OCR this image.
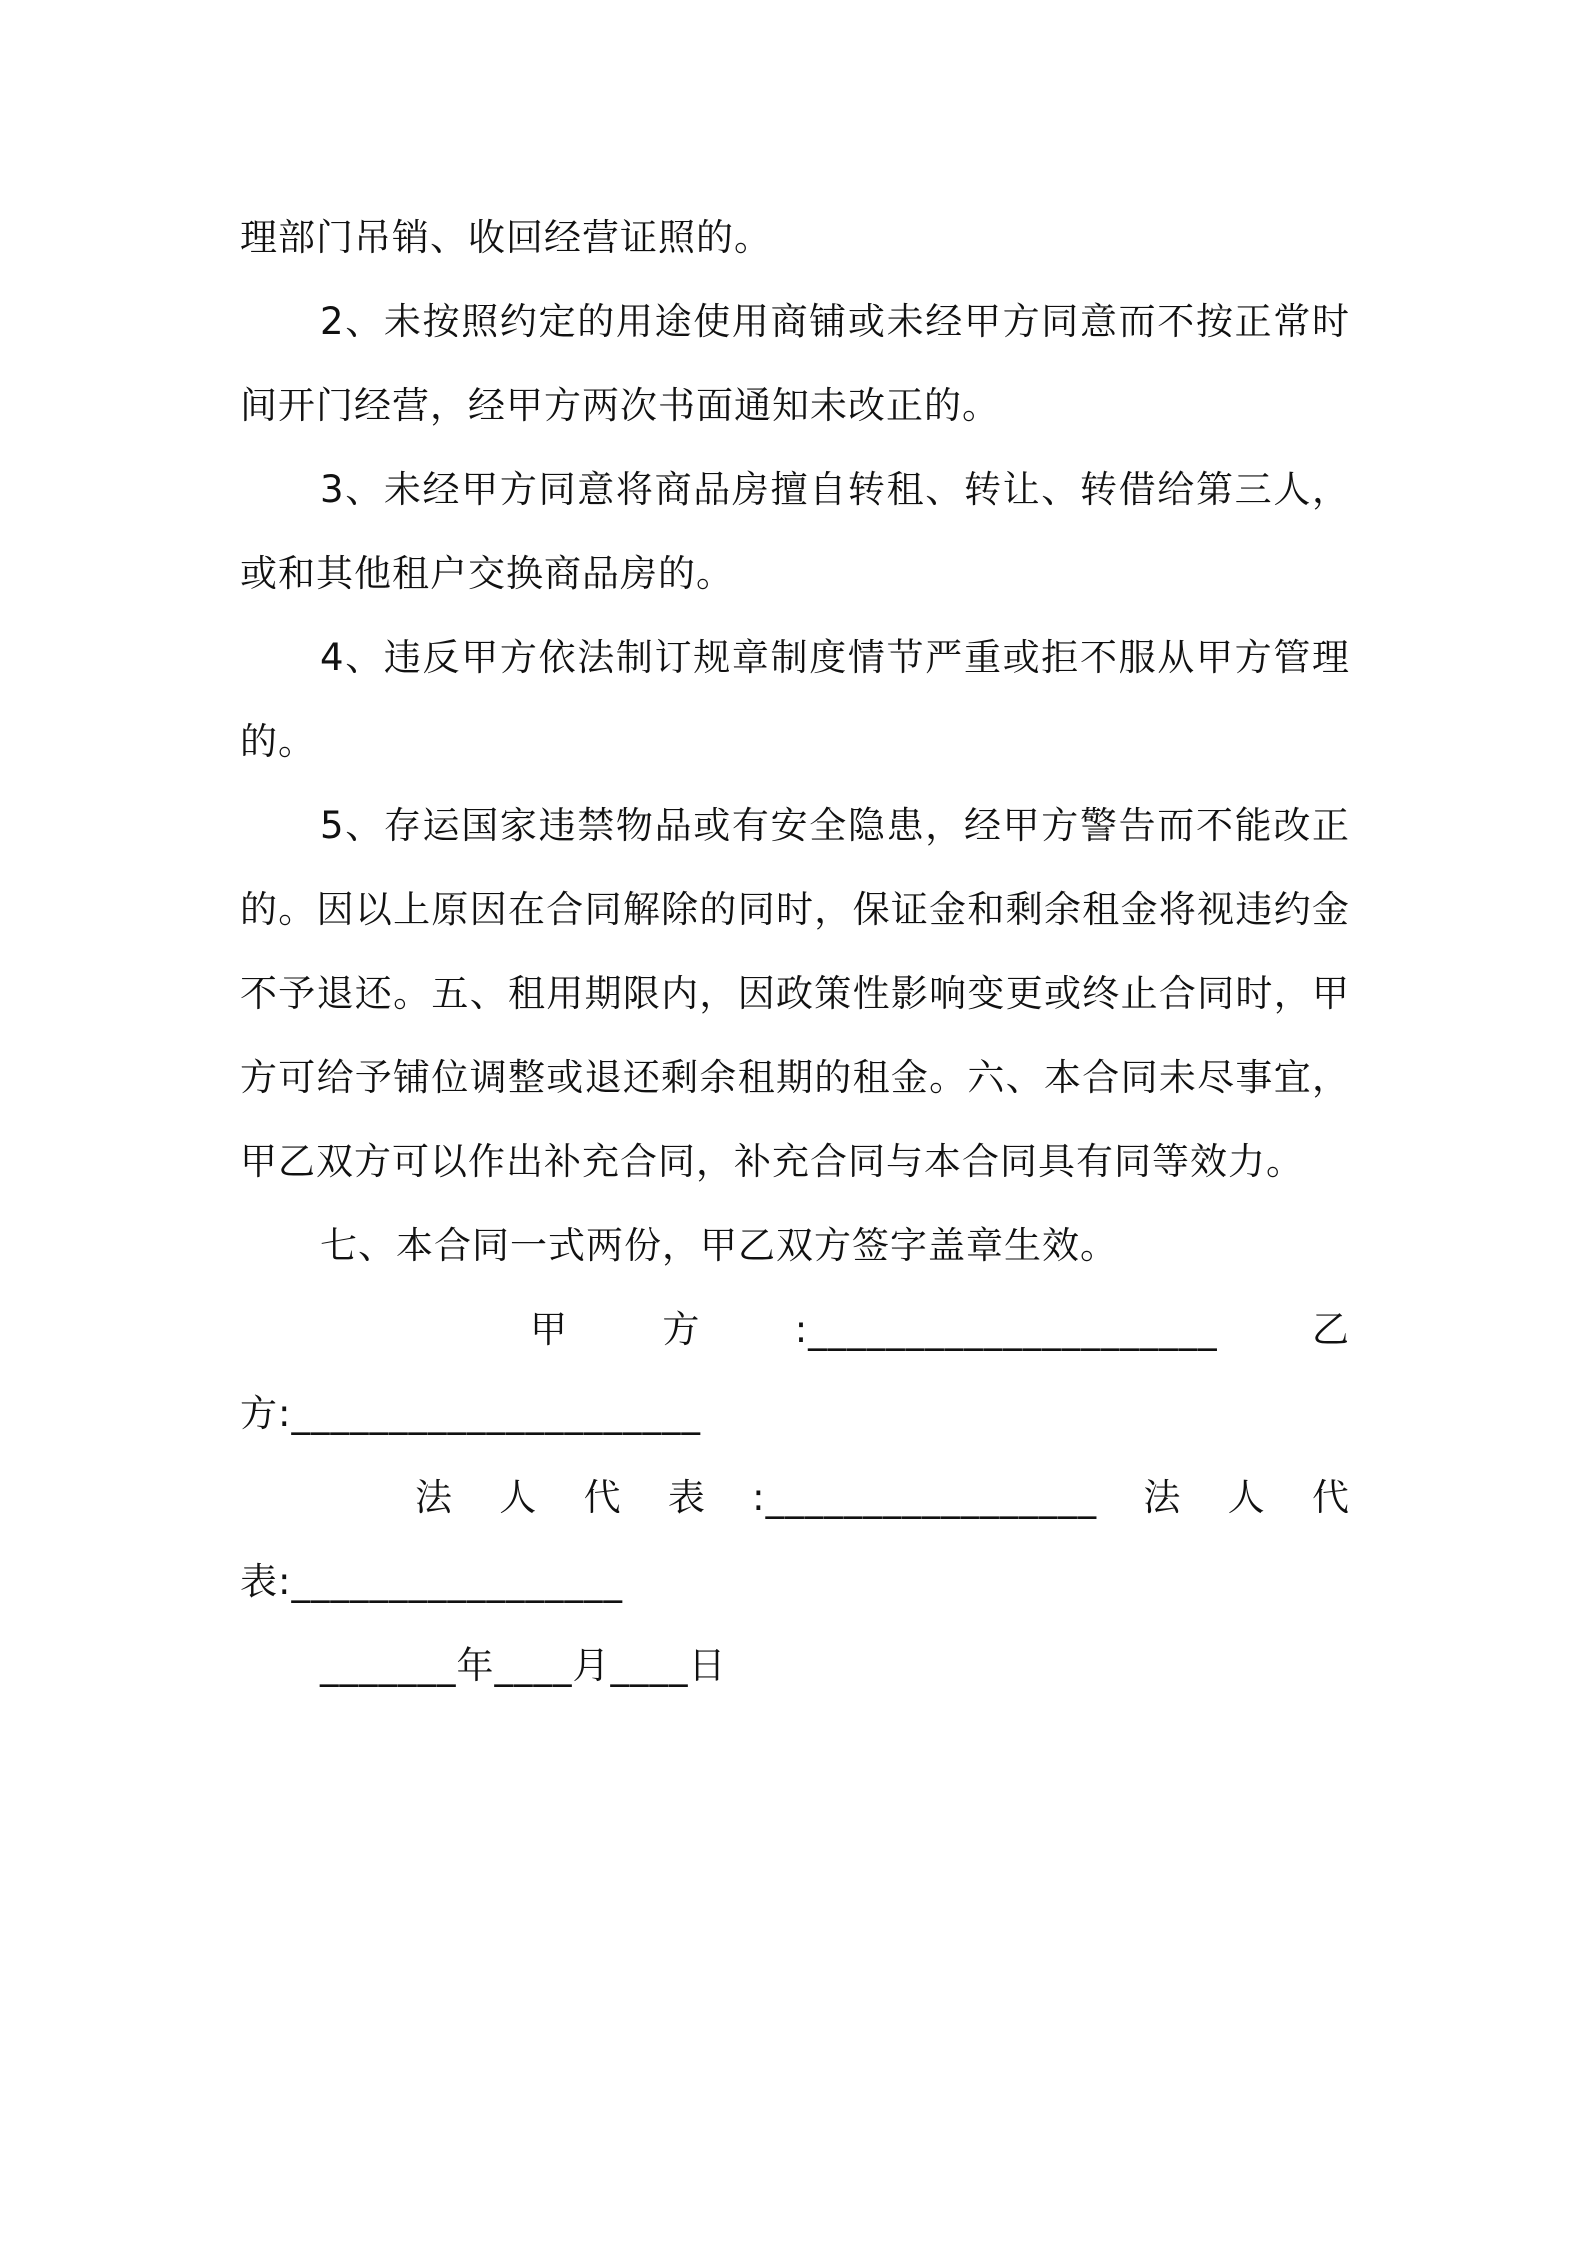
理部门吊销、收回经营证照的。

2、未按照约定的用途使用商铺或未经甲方同意而不按正常时间开门经营，经甲方两次书面通知未改正的。

3、未经甲方同意将商品房擅自转租、转让、转借给第三人，或和其他租户交换商品房的。

4、违反甲方依法制订规章制度情节严重或拒不服从甲方管理的。

5、存运国家违禁物品或有安全隐患，经甲方警告而不能改正的。因以上原因在合同解除的同时，保证金和剩余租金将视违约金不予退还。五、租用期限内，因政策性影响变更或终止合同时，甲方可给予铺位调整或退还剩余租期的租金。六、本合同未尽事宜，甲乙双方可以作出补充合同，补充合同与本合同具有同等效力。

七、本合同一式两份，甲乙双方签字盖章生效。

甲	方	:_____________________	乙
方:_____________________
法 人 代 表 :_________________ 法 人 代
表:_________________
_______年____月____日
